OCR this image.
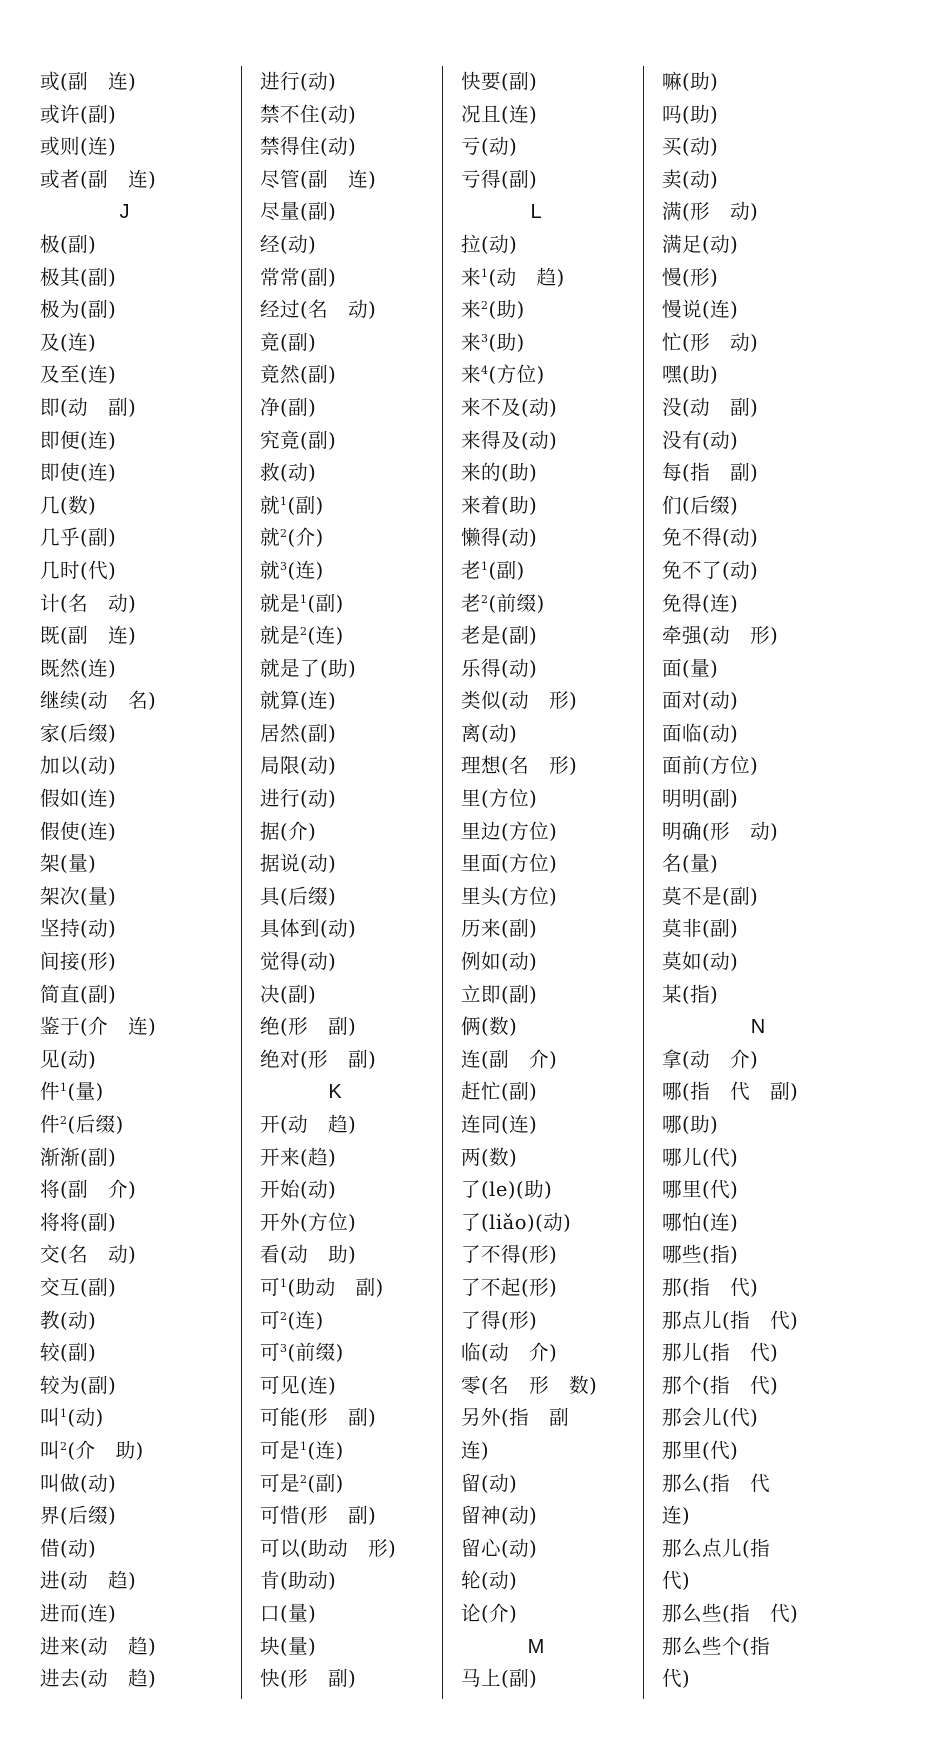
或(副　连)
或许(副)
或则(连)
或者(副　连)
J
极(副)
极其(副)
极为(副)
及(连)
及至(连)
即(动　副)
即便(连)
即使(连)
几(数)
几乎(副)
几时(代)
计(名　动)
既(副　连)
既然(连)
继续(动　名)
家(后缀)
加以(动)
假如(连)
假使(连)
架(量)
架次(量)
坚持(动)
间接(形)
简直(副)
鉴于(介　连)
见(动)
件$^1$(量)
件$^2$(后缀)
渐渐(副)
将(副　介)
将将(副)
交(名　动)
交互(副)
教(动)
较(副)
较为(副)
叫$^1$(动)
叫$^2$(介　助)
叫做(动)
界(后缀)
借(动)
进(动　趋)
进而(连)
进来(动　趋)
进去(动　趋)
进行(动)
禁不住(动)
禁得住(动)
尽管(副　连)
尽量(副)
经(动)
常常(副)
经过(名　动)
竟(副)
竟然(副)
净(副)
究竟(副)
救(动)
就$^1$(副)
就$^2$(介)
就$^3$(连)
就是$^1$(副)
就是$^2$(连)
就是了(助)
就算(连)
居然(副)
局限(动)
进行(动)
据(介)
据说(动)
具(后缀)
具体到(动)
觉得(动)
决(副)
绝(形　副)
绝对(形　副)
K
开(动　趋)
开来(趋)
开始(动)
开外(方位)
看(动　助)
可$^1$(助动　副)
可$^2$(连)
可$^3$(前缀)
可见(连)
可能(形　副)
可是$^1$(连)
可是$^2$(副)
可惜(形　副)
可以(助动　形)
肯(助动)
口(量)
块(量)
快(形　副)
快要(副)
况且(连)
亏(动)
亏得(副)
L
拉(动)
来$^1$(动　趋)
来$^2$(助)
来$^3$(助)
来$^4$(方位)
来不及(动)
来得及(动)
来的(助)
来着(助)
懒得(动)
老$^1$(副)
老$^2$(前缀)
老是(副)
乐得(动)
类似(动　形)
离(动)
理想(名　形)
里(方位)
里边(方位)
里面(方位)
里头(方位)
历来(副)
例如(动)
立即(副)
俩(数)
连(副　介)
赶忙(副)
连同(连)
两(数)
了(le)(助)
了(liǎo)(动)
了不得(形)
了不起(形)
了得(形)
临(动　介)
零(名　形　数)
另外(指　副
连)
留(动)
留神(动)
留心(动)
轮(动)
论(介)
M
马上(副)
嘛(助)
吗(助)
买(动)
卖(动)
满(形　动)
满足(动)
慢(形)
慢说(连)
忙(形　动)
嘿(助)
没(动　副)
没有(动)
每(指　副)
们(后缀)
免不得(动)
免不了(动)
免得(连)
牵强(动　形)
面(量)
面对(动)
面临(动)
面前(方位)
明明(副)
明确(形　动)
名(量)
莫不是(副)
莫非(副)
莫如(动)
某(指)
N
拿(动　介)
哪(指　代　副)
哪(助)
哪儿(代)
哪里(代)
哪怕(连)
哪些(指)
那(指　代)
那点儿(指　代)
那儿(指　代)
那个(指　代)
那会儿(代)
那里(代)
那么(指　代
连)
那么点儿(指
代)
那么些(指　代)
那么些个(指
代)
